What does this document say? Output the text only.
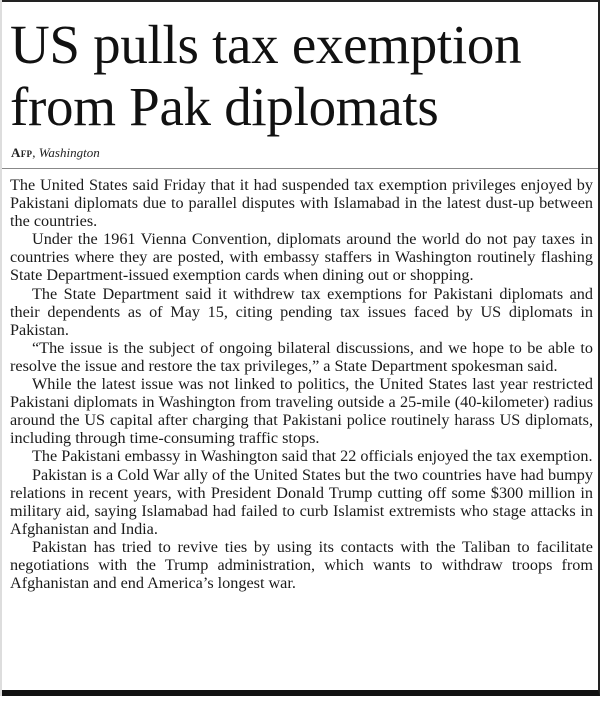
US pulls tax exemption from Pak diplomats
Afp, Washington

The United States said Friday that it had suspended tax exemption privileges enjoyed by Pakistani diplomats due to parallel disputes with Islamabad in the latest dust-up between the countries.

Under the 1961 Vienna Convention, diplomats around the world do not pay taxes in countries where they are posted, with embassy staffers in Washington routinely flashing State Department-issued exemption cards when dining out or shopping.

The State Department said it withdrew tax exemptions for Pakistani diplomats and their dependents as of May 15, citing pending tax issues faced by US diplomats in Pakistan.

“The issue is the subject of ongoing bilateral discussions, and we hope to be able to resolve the issue and restore the tax privileges,” a State Department spokesman said.

While the latest issue was not linked to politics, the United States last year restricted Pakistani diplomats in Washington from traveling outside a 25-mile (40-kilometer) radius around the US capital after charging that Pakistani police routinely harass US diplomats, including through time-consuming traffic stops.

The Pakistani embassy in Washington said that 22 officials enjoyed the tax exemption.

Pakistan is a Cold War ally of the United States but the two countries have had bumpy relations in recent years, with President Donald Trump cutting off some $300 million in military aid, saying Islamabad had failed to curb Islamist extremists who stage attacks in Afghanistan and India.

Pakistan has tried to revive ties by using its contacts with the Taliban to facilitate negotiations with the Trump administration, which wants to withdraw troops from Afghanistan and end America’s longest war.
